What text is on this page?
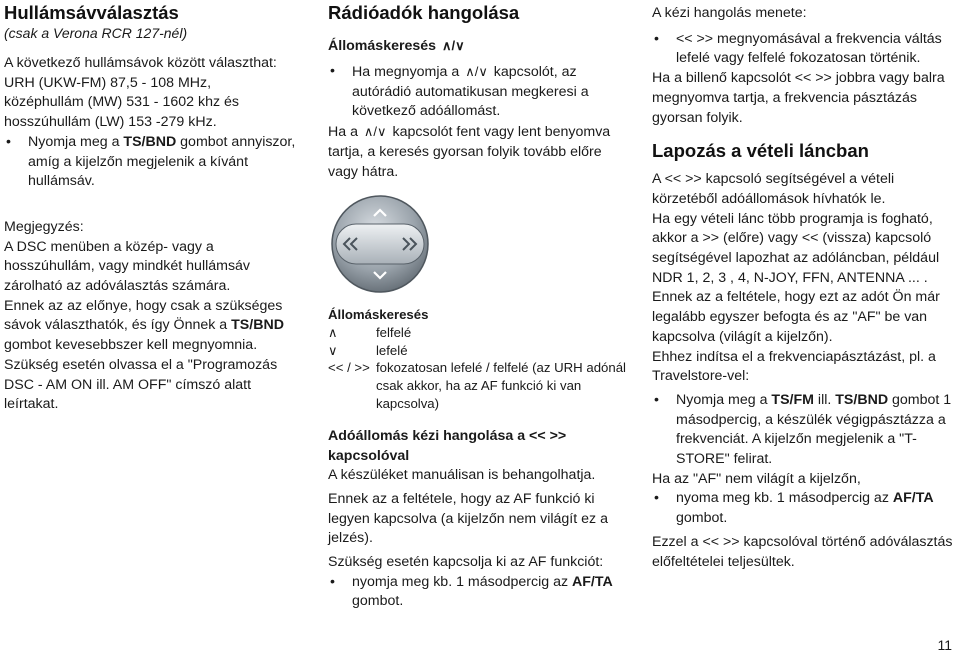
Hullámsávválasztás

(csak a Verona RCR 127-nél)

A következő hullámsávok között választhat:

URH (UKW-FM) 87,5 - 108 MHz,

középhullám (MW) 531 - 1602 khz és

hosszúhullám (LW) 153 -279 kHz.

• Nyomja meg a TS/BND gombot annyiszor, amíg a kijelzőn megjelenik a kívánt hullámsáv.

Megjegyzés:

A DSC menüben a közép- vagy a hosszúhullám, vagy mindkét hullámsáv zárolható az adóválasztás számára.

Ennek az az előnye, hogy csak a szükséges sávok választhatók, és így Önnek a TS/BND gombot kevesebbszer kell megnyomnia.

Szükség esetén olvassa el a "Programozás DSC - AM ON ill. AM OFF" címszó alatt leírtakat.

Rádióadók hangolása
Állomáskeresés ∧/∨
• Ha megnyomja a ∧/∨ kapcsolót, az autórádió automatikusan megkeresi a következő adóállomást.

Ha a ∧/∨ kapcsolót fent vagy lent benyomva tartja, a keresés gyorsan folyik tovább előre vagy hátra.

Állomáskeresés
∧	felfelé
∨	lefelé
<< / >> fokozatosan lefelé / felfelé (az URH adónál csak akkor, ha az AF funkció ki van kapcsolva)
Adóállomás kézi hangolása a << >> kapcsolóval

A készüléket manuálisan is behangolhatja.

Ennek az a feltétele, hogy az AF funkció ki legyen kapcsolva (a kijelzőn nem világít ez a jelzés).

Szükség esetén kapcsolja ki az AF funkciót:

• nyomja meg kb. 1 másodpercig az AF/TA gombot.

A kézi hangolás menete:

• << >> megnyomásával a frekvencia váltás lefelé vagy felfelé fokozatosan történik.

Ha a billenő kapcsolót << >> jobbra vagy balra megnyomva tartja, a frekvencia pásztázás gyorsan folyik.

Lapozás a vételi láncban

A << >> kapcsoló segítségével a vételi körzetéből adóállomások hívhatók le.

Ha egy vételi lánc több programja is fogható, akkor a >> (előre) vagy << (vissza) kapcsoló segítségével lapozhat az adóláncban, például NDR 1, 2, 3 , 4, N-JOY, FFN, ANTENNA ... .

Ennek az a feltétele, hogy ezt az adót Ön már legalább egyszer befogta és az "AF" be van kapcsolva (világít a kijelzőn).

Ehhez indítsa el a frekvenciapásztázást, pl. a Travelstore-vel:

• Nyomja meg a TS/FM ill. TS/BND gombot 1 másodpercig, a készülék végigpásztázza a frekvenciát. A kijelzőn megjelenik a "T-STORE" felirat.

Ha az "AF" nem világít a kijelzőn,

• nyoma meg kb. 1 másodpercig az AF/TA gombot.

Ezzel a << >> kapcsolóval történő adóválasztás előfeltételei teljesültek.

11
